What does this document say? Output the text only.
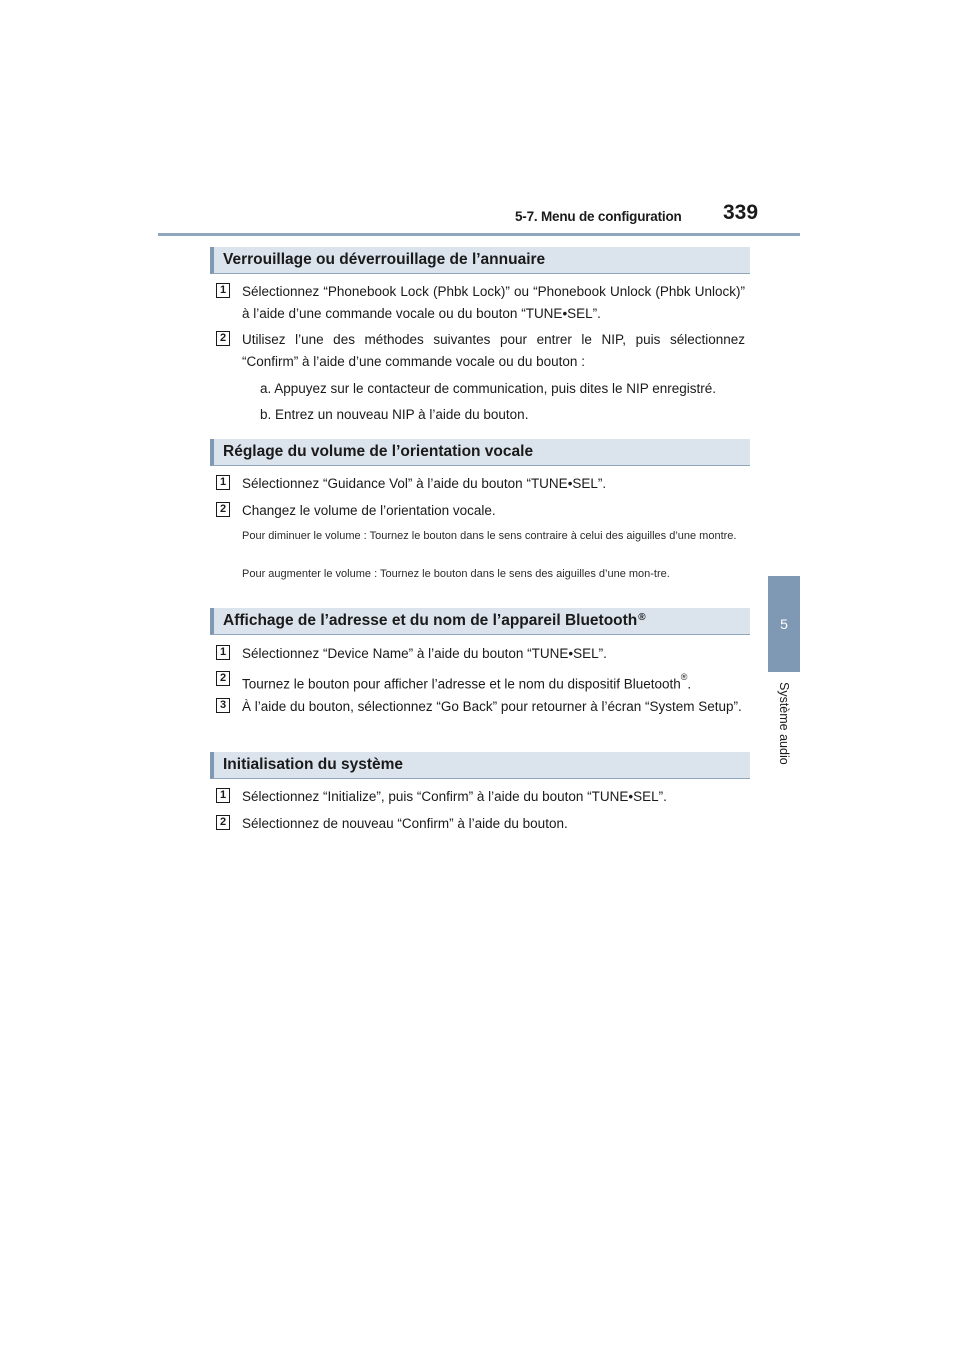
5-7. Menu de configuration 339
5
Système audio
Verrouillage ou déverrouillage de l’annuaire
1 Sélectionnez “Phonebook Lock (Phbk Lock)” ou “Phonebook Unlock (Phbk Unlock)” à l’aide d’une commande vocale ou du bouton “TUNE•SEL”.
2 Utilisez l’une des méthodes suivantes pour entrer le NIP, puis sélectionnez “Confirm” à l’aide d’une commande vocale ou du bouton :
a. Appuyez sur le contacteur de communication, puis dites le NIP enregistré.
b. Entrez un nouveau NIP à l’aide du bouton.
Réglage du volume de l’orientation vocale
1 Sélectionnez “Guidance Vol” à l’aide du bouton “TUNE•SEL”.
2 Changez le volume de l’orientation vocale.
Pour diminuer le volume : Tournez le bouton dans le sens contraire à celui des aiguilles d’une montre.
Pour augmenter le volume : Tournez le bouton dans le sens des aiguilles d’une mon-tre.
Affichage de l’adresse et du nom de l’appareil Bluetooth®
1 Sélectionnez “Device Name” à l’aide du bouton “TUNE•SEL”.
2 Tournez le bouton pour afficher l’adresse et le nom du dispositif Bluetooth®.
3 À l’aide du bouton, sélectionnez “Go Back” pour retourner à l’écran “System Setup”.
Initialisation du système
1 Sélectionnez “Initialize”, puis “Confirm” à l’aide du bouton “TUNE•SEL”.
2 Sélectionnez de nouveau “Confirm” à l’aide du bouton.
